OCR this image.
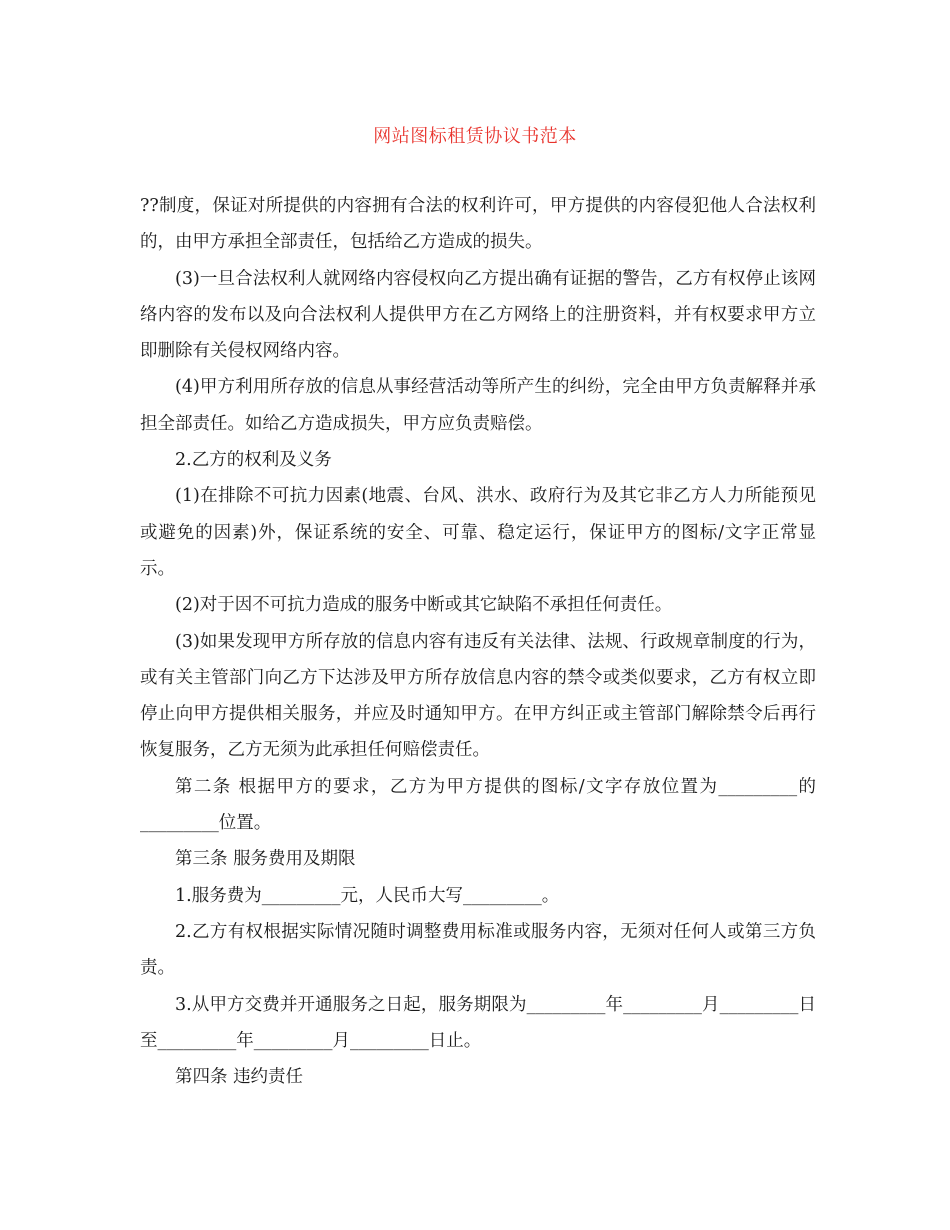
网站图标租赁协议书范本

??制度，保证对所提供的内容拥有合法的权利许可，甲方提供的内容侵犯他人合法权利的，由甲方承担全部责任，包括给乙方造成的损失。

(3)一旦合法权利人就网络内容侵权向乙方提出确有证据的警告，乙方有权停止该网络内容的发布以及向合法权利人提供甲方在乙方网络上的注册资料，并有权要求甲方立即删除有关侵权网络内容。

(4)甲方利用所存放的信息从事经营活动等所产生的纠纷，完全由甲方负责解释并承担全部责任。如给乙方造成损失，甲方应负责赔偿。

2.乙方的权利及义务

(1)在排除不可抗力因素(地震、台风、洪水、政府行为及其它非乙方人力所能预见或避免的因素)外，保证系统的安全、可靠、稳定运行，保证甲方的图标/文字正常显示。

(2)对于因不可抗力造成的服务中断或其它缺陷不承担任何责任。

(3)如果发现甲方所存放的信息内容有违反有关法律、法规、行政规章制度的行为，或有关主管部门向乙方下达涉及甲方所存放信息内容的禁令或类似要求，乙方有权立即停止向甲方提供相关服务，并应及时通知甲方。在甲方纠正或主管部门解除禁令后再行恢复服务，乙方无须为此承担任何赔偿责任。

第二条 根据甲方的要求，乙方为甲方提供的图标/文字存放位置为_________的_________位置。

第三条 服务费用及期限

1.服务费为_________元，人民币大写_________。

2.乙方有权根据实际情况随时调整费用标准或服务内容，无须对任何人或第三方负责。

3.从甲方交费并开通服务之日起，服务期限为_________年_________月_________日至_________年_________月_________日止。

第四条 违约责任
